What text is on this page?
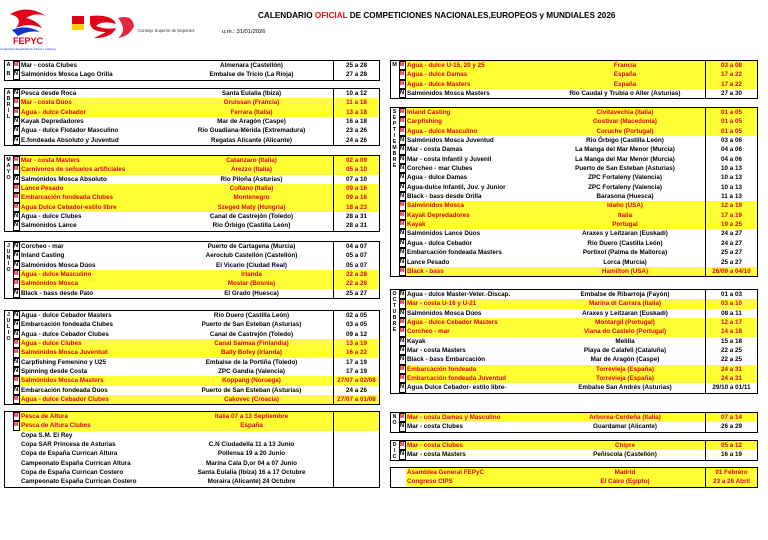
FEPYC
Federación Española de Pesca y Casting
Consejo Superior de Deportes
CALENDARIO OFICIAL DE COMPETICIONES NACIONALES,EUROPEOS y MUNDIALES 2026
u.m.: 31/01/2026
A M Mar - costa Clubes	Almenara (Castellón)	25 a 28
B N Salmónidos Mosca Lago Orilla	Embalse de Tricio (La Rioja)	27 a 28
A
B
R
I
L
N Pesca desde Roca	Santa Eulalia (Ibiza)	10 a 12
M Mar - costa Dúos	Gruissan (Francia)	11 a 18
M Agua - dulce Cebador	Ferrara (Italia)	13 a 18
N Kayak Depredadores	Mar de Aragón (Caspe)	16 a 18
N Agua - dulce Flotador Masculino	Rio Guadiana-Mérida (Extremadura)	23 a 26
N E.fondeada Absoluto y Juventud	Regatas Alicante (Alicante)	24 a 26
M
A
Y
O
M Mar - costa Masters	Catanzaro (Italia)	02 a 09
M Carnívoros de señuelos artificiales	Arezzo (Italia)	05 a 10
N Salmónidos Mosca Absoluto	Rio Piloña (Asturias)	07 a 10
M Lance Pesado	Coltano (Italia)	09 a 16
M Embarcación fondeada Clubes	Montenegro	09 a 16
M Agua Dulce Cebador-estilo libre	Szeged Maty (Hungría)	18 a 23
N Agua - dulce Clubes	Canal de Castrejón (Toledo)	28 a 31
N Salmónidos Lance	Rio Órbigo (Castilla León)	28 a 31
J
U
N
I
O
N Corcheo - mar	Puerto de Cartagena (Murcia)	04 a 07
N Inland Casting	Aeroclub Castellón (Castellón)	05 a 07
N Salmónidos Mosca Dúos	El Vicario (Ciudad Real)	05 a 07
M Agua - dulce Masculino	Irlanda	22 a 28
M Salmónidos Mosca	Mostar (Bosnia)	22 a 28
N Black - bass desde Pato	El Grado (Huesca)	25 a 27
J
U
L
I
O
N Agua - dulce Cebador Masters	Rio Duero (Castilla León)	02 a 05
N Embarcación fondeada Clubes	Puerto de San Esteban (Asturias)	03 a 05
N Agua - dulce Cebador Clubes	Canal de Castrejón (Toledo)	09 a 12
M Agua - dulce Clubes	Canal Saimaa (Finlandia)	13 a 19
M Salmónidos Mosca Juventud	Bally Bofey (Irlanda)	16 a 22
N Carpfishing Femenino y U25	Embalse de la Portiña (Toledo)	17 a 19
N Spinning desde Costa	ZPC Gandía (Valencia)	17 a 19
M Salmónidos Mosca Masters	Koppang (Noruega)	27/07 a 02/08
N Embarcación fondeada Dúos	Puerto de San Esteban (Asturias)	24 a 26
M Agua - dulce Cebador Clubes	Cakovec (Croacia)	27/07 a 01/08
M Pesca de Altura	Italia 07 a 13 Septiembre
M Pesca de Altura Clubes	España
Copa S.M. El Rey
Copa SAR Princesa de Asturias	C.N Ciudadella 11 a 13 Junio
Copa de España Currican Altura	Pollensa 19 a 20 Junio
Campeonato España Currican Altura	Marina Cala D,or 04 a 07 Junio
Copa de España Currican Costero	Santa Eulalia (Ibiza) 16 a 17 Octubre
Campeonato España Currican Costero	Moraira (Alicante) 24 Octubre
M M Agua - dulce U-15, 20 y 25	Francia	03 a 08
M Agua - dulce Damas	España	17 a 22
M Agua - dulce Masters	España	17 a 22
N Salmónidos Mosca Masters	Rio Caudal y Trubia o Aller (Asturias)	27 a 30
S
E
P
T
I
E
M
B
R
E
M Inland Casting	Civitavechia (Italia)	01 a 05
M Carpfishing	Gostivar (Macedonia)	01 a 05
M Agua - dulce Masculino	Coruche (Portugal)	01 a 05
N Salmónidos Mosca Juventud	Rio Órbigo (Castilla León)	03 a 06
N Mar - costa Damas	La Manga del Mar Menor (Murcia)	04 a 06
N Mar - costa Infantil y Juvenil	La Manga del Mar Menor (Murcia)	04 a 06
N Corcheo - mar Clubes	Puerto de San Esteban (Asturias)	10 a 13
N Agua - dulce Damas	ZPC Fortaleny (Valencia)	10 a 13
N Agua-dulce Infantil, Juv. y Junior	ZPC Fortaleny (Valencia)	10 a 13
N Black - bass desde Orilla	Barasona (Huesca)	11 a 13
M Salmónidos Mosca	Idaho (USA)	12 a 19
M Kayak Depredadores	Italia	17 a 19
M Kayak	Portugal	19 a 25
N Salmónidos Lance Dúos	Araxes y Leitzaran (Euskadi)	24 a 27
N Agua - dulce Cebador	Rio Duero (Castilla León)	24 a 27
N Embarcación fondeada Masters	Portixol (Palma de Mallorca)	25 a 27
N Lance Pesado	Lorca (Murcia)	25 a 27
M Black - bass	Hamilton (USA)	26/09 a 04/10
O
C
T
U
B
R
E
N Agua - dulce Master-Veter.-Discap.	Embalse de Ribarroja (Fayón)	01 a 03
M Mar - costa U-16 y U-21	Marina di Carrara (Italia)	03 a 10
N Salmónidos Mosca Dúos	Araxes y Leitzaran (Euskadi)	08 a 11
M Agua - dulce Cebador Masters	Montargil (Portugal)	12 a 17
M Corcheo - mar	Viana do Castelo (Portugal)	14 a 18
N Kayak	Melilla	15 a 18
N Mar - costa Masters	Playa de Calafell (Cataluña)	22 a 25
N Black - bass Embarcación	Mar de Aragón (Caspe)	22 a 25
M Embarcación fondeada	Torrevieja (España)	24 a 31
M Embarcación fondeada Juventud	Torrevieja (España)	24 a 31
N Agua Dulce Cebador- estilo libre-	Embalse San Andrés (Asturias)	29/10 a 01/11
N
O
M Mar - costa Damas y Masculino	Arborea-Cerdeña (Italia)	07 a 14
N Mar - costa Clubes	Guardamar (Alicante)	26 a 29
D
I
C
M Mar - costa Clubes	Chipre	05 a 12
N Mar - costa Masters	Peñiscola (Castellón)	16 a 19
Asamblea General FEPyC	Madrid	01 Febrero
Congreso CIPS	El Cairo (Egipto)	23 a 26 Abril
